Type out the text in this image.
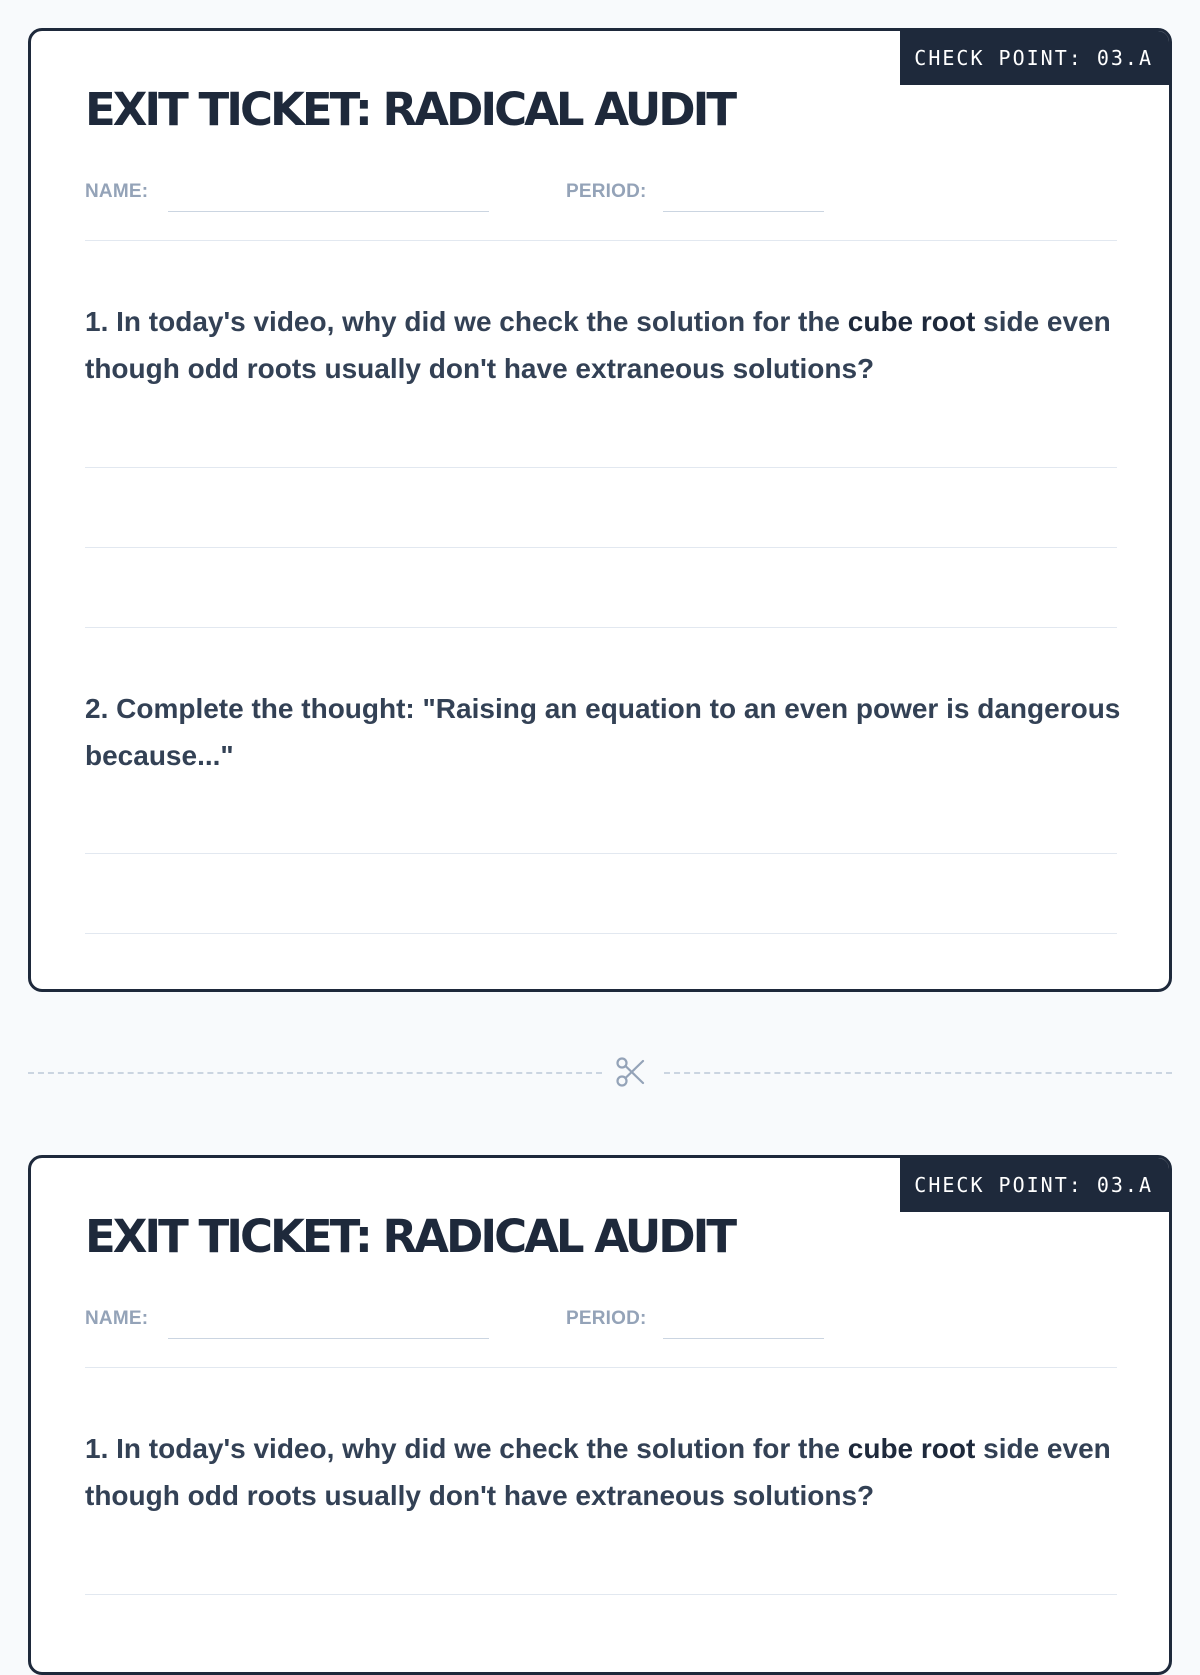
CHECK POINT: 03.A
EXIT TICKET: RADICAL AUDIT
NAME:	PERIOD:

1. In today's video, why did we check the solution for the cube root side even though odd roots usually don't have extraneous solutions?

2. Complete the thought: "Raising an equation to an even power is dangerous because..."

CHECK POINT: 03.A
EXIT TICKET: RADICAL AUDIT
NAME:	PERIOD:

1. In today's video, why did we check the solution for the cube root side even though odd roots usually don't have extraneous solutions?
